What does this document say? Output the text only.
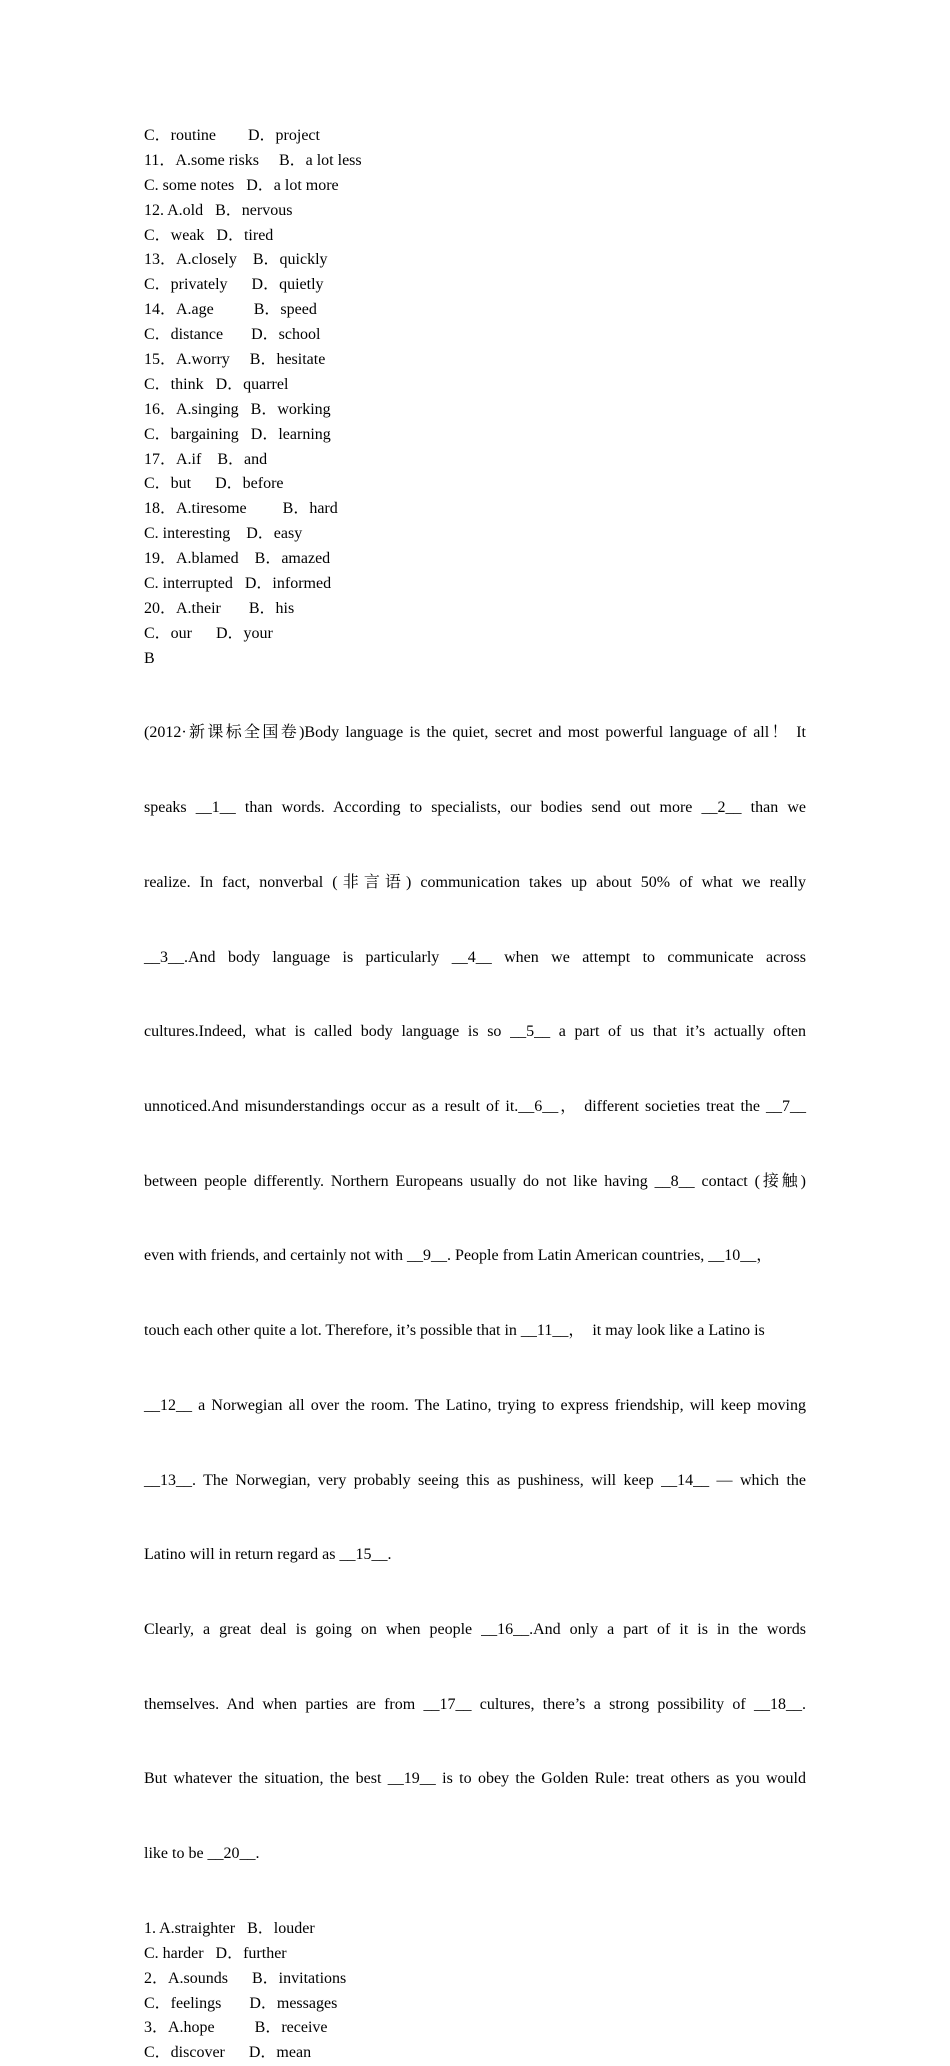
C．routine        D．project
11．A.some risks     B．a lot less
C. some notes   D．a lot more
12. A.old   B．nervous
C．weak   D．tired
13．A.closely    B．quickly
C．privately      D．quietly
14．A.age          B．speed
C．distance       D．school
15．A.worry     B．hesitate
C．think   D．quarrel
16．A.singing   B．working
C．bargaining   D．learning
17．A.if    B．and
C．but      D．before
18．A.tiresome         B．hard
C. interesting    D．easy
19．A.blamed    B．amazed
C. interrupted   D．informed
20．A.their       B．his
C．our      D．your
B

(2012·新课标全国卷)Body language is the quiet, secret and most powerful language of all！ It

speaks __1__ than words. According to specialists, our bodies send out more __2__ than we

realize. In fact, nonverbal (非言语) communication takes up about 50% of what we really

__3__.And body language is particularly __4__ when we attempt to communicate across

cultures.Indeed, what is called body language is so __5__ a part of us that it’s actually often

unnoticed.And misunderstandings occur as a result of it.__6__， different societies treat the __7__

between people differently. Northern Europeans usually do not like having __8__ contact (接触)

even with friends, and certainly not with __9__. People from Latin American countries, __10__，

touch each other quite a lot. Therefore, it’s possible that in __11__，  it may look like a Latino is

__12__ a Norwegian all over the room. The Latino, trying to express friendship, will keep moving

__13__. The Norwegian, very probably seeing this as pushiness, will keep __14__ — which the

Latino will in return regard as __15__.

Clearly, a great deal is going on when people __16__.And only a part of it is in the words

themselves. And when parties are from __17__ cultures, there’s a strong possibility of __18__.

But whatever the situation, the best __19__ is to obey the Golden Rule: treat others as you would

like to be __20__.

1. A.straighter   B．louder
C. harder   D．further
2．A.sounds      B．invitations
C．feelings       D．messages
3．A.hope          B．receive
C．discover      D．mean
